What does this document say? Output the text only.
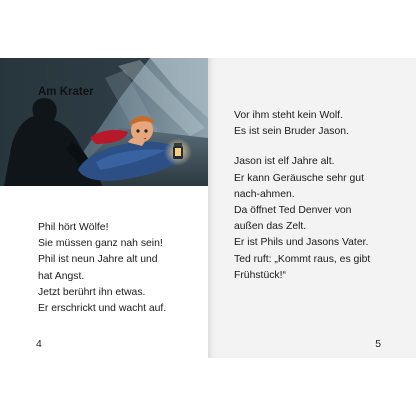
Am Krater
Phil hört Wölfe!
Sie müssen ganz nah sein!
Phil ist neun Jahre alt und
hat Angst.
Jetzt berührt ihn etwas.
Er erschrickt und wacht auf.
4
Vor ihm steht kein Wolf.
Es ist sein Bruder Jason.
Jason ist elf Jahre alt.
Er kann Geräusche sehr gut
nach-ahmen.
Da öffnet Ted Denver von
außen das Zelt.
Er ist Phils und Jasons Vater.
Ted ruft: „Kommt raus, es gibt
Frühstück!“
5
